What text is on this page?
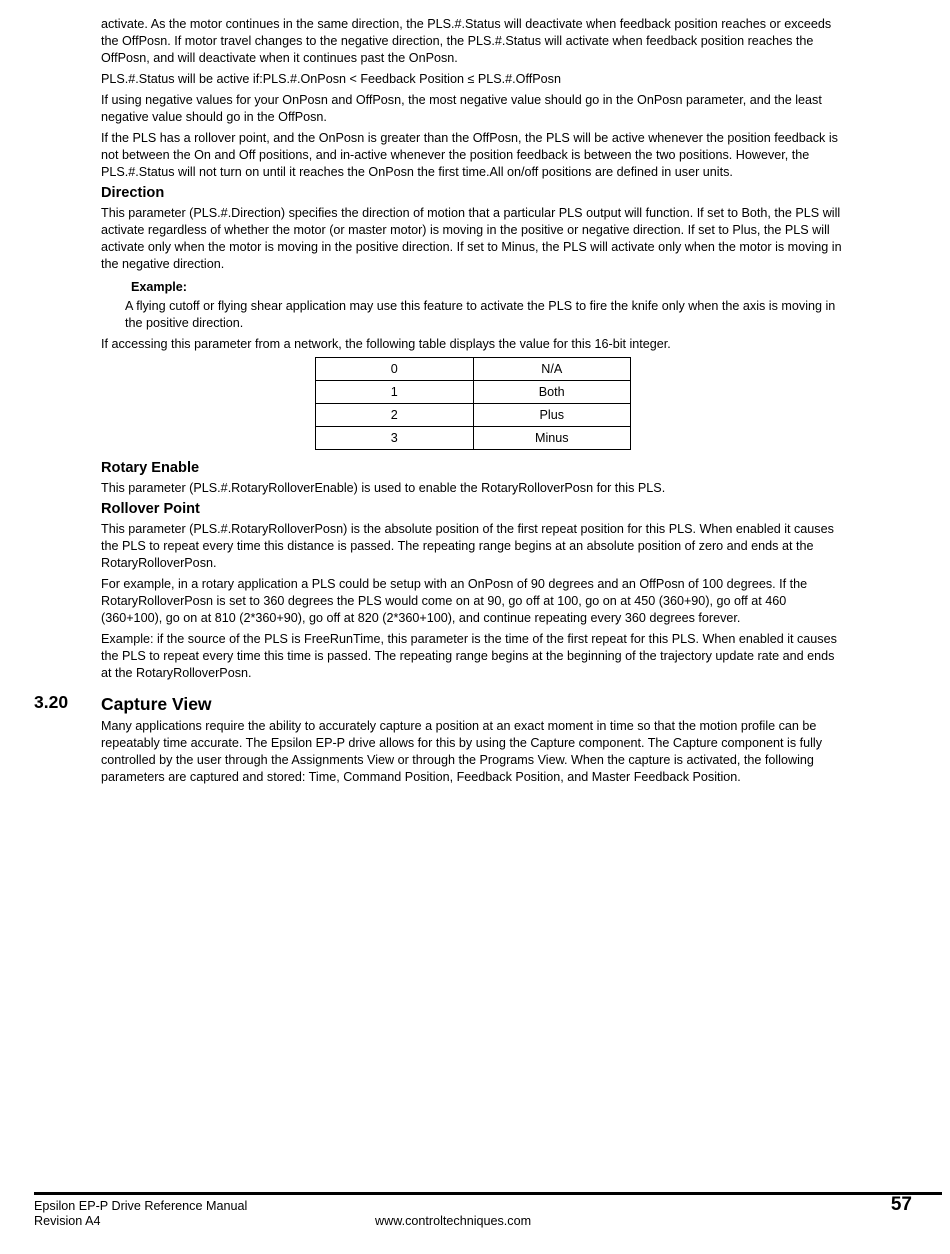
activate. As the motor continues in the same direction, the PLS.#.Status will deactivate when feedback position reaches or exceeds the OffPosn. If motor travel changes to the negative direction, the PLS.#.Status will activate when feedback position reaches the OffPosn, and will deactivate when it continues past the OnPosn.

PLS.#.Status will be active if:PLS.#.OnPosn < Feedback Position ≤ PLS.#.OffPosn

If using negative values for your OnPosn and OffPosn, the most negative value should go in the OnPosn parameter, and the least negative value should go in the OffPosn.

If the PLS has a rollover point, and the OnPosn is greater than the OffPosn, the PLS will be active whenever the position feedback is not between the On and Off positions, and in-active whenever the position feedback is between the two positions. However, the PLS.#.Status will not turn on until it reaches the OnPosn the first time.All on/off positions are defined in user units.

Direction

This parameter (PLS.#.Direction) specifies the direction of motion that a particular PLS output will function. If set to Both, the PLS will activate regardless of whether the motor (or master motor) is moving in the positive or negative direction. If set to Plus, the PLS will activate only when the motor is moving in the positive direction. If set to Minus, the PLS will activate only when the motor is moving in the negative direction.

Example:

A flying cutoff or flying shear application may use this feature to activate the PLS to fire the knife only when the axis is moving in the positive direction.

If accessing this parameter from a network, the following table displays the value for this 16-bit integer.

0	N/A
1	Both
2	Plus
3	Minus
Rotary Enable

This parameter (PLS.#.RotaryRolloverEnable) is used to enable the RotaryRolloverPosn for this PLS.

Rollover Point

This parameter (PLS.#.RotaryRolloverPosn) is the absolute position of the first repeat position for this PLS. When enabled it causes the PLS to repeat every time this distance is passed. The repeating range begins at an absolute position of zero and ends at the RotaryRolloverPosn.

For example, in a rotary application a PLS could be setup with an OnPosn of 90 degrees and an OffPosn of 100 degrees. If the RotaryRolloverPosn is set to 360 degrees the PLS would come on at 90, go off at 100, go on at 450 (360+90), go off at 460 (360+100), go on at 810 (2*360+90), go off at 820 (2*360+100), and continue repeating every 360 degrees forever.

Example: if the source of the PLS is FreeRunTime, this parameter is the time of the first repeat for this PLS. When enabled it causes the PLS to repeat every time this time is passed. The repeating range begins at the beginning of the trajectory update rate and ends at the RotaryRolloverPosn.

3.20 Capture View

Many applications require the ability to accurately capture a position at an exact moment in time so that the motion profile can be repeatably time accurate. The Epsilon EP-P drive allows for this by using the Capture component. The Capture component is fully controlled by the user through the Assignments View or through the Programs View. When the capture is activated, the following parameters are captured and stored: Time, Command Position, Feedback Position, and Master Feedback Position.

Epsilon EP-P Drive Reference Manual
Revision A4	www.controltechniques.com
57
